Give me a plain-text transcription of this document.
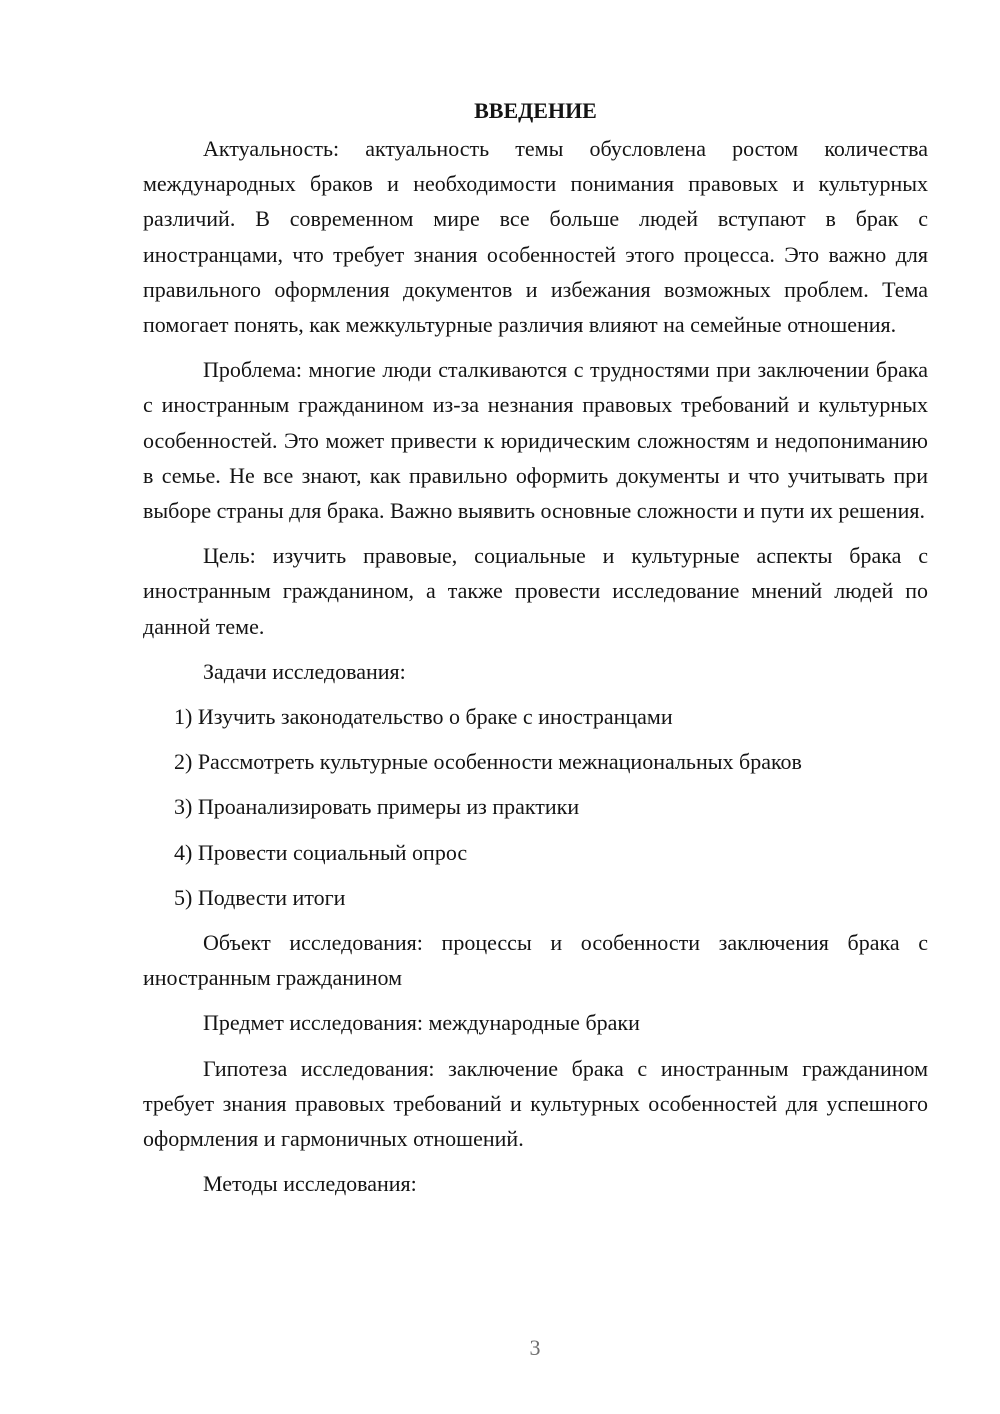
ВВЕДЕНИЕ

Актуальность: актуальность темы обусловлена ростом количества международных браков и необходимости понимания правовых и культурных различий. В современном мире все больше людей вступают в брак с иностранцами, что требует знания особенностей этого процесса. Это важно для правильного оформления документов и избежания возможных проблем. Тема помогает понять, как межкультурные различия влияют на семейные отношения.

Проблема: многие люди сталкиваются с трудностями при заключении брака с иностранным гражданином из-за незнания правовых требований и культурных особенностей. Это может привести к юридическим сложностям и недопониманию в семье. Не все знают, как правильно оформить документы и что учитывать при выборе страны для брака. Важно выявить основные сложности и пути их решения.

Цель: изучить правовые, социальные и культурные аспекты брака с иностранным гражданином, а также провести исследование мнений людей по данной теме.

Задачи исследования:

1) Изучить законодательство о браке с иностранцами
2) Рассмотреть культурные особенности межнациональных браков
3) Проанализировать примеры из практики
4) Провести социальный опрос
5) Подвести итоги

Объект исследования: процессы и особенности заключения брака с иностранным гражданином

Предмет исследования: международные браки

Гипотеза исследования: заключение брака с иностранным гражданином требует знания правовых требований и культурных особенностей для успешного оформления и гармоничных отношений.

Методы исследования:

3
